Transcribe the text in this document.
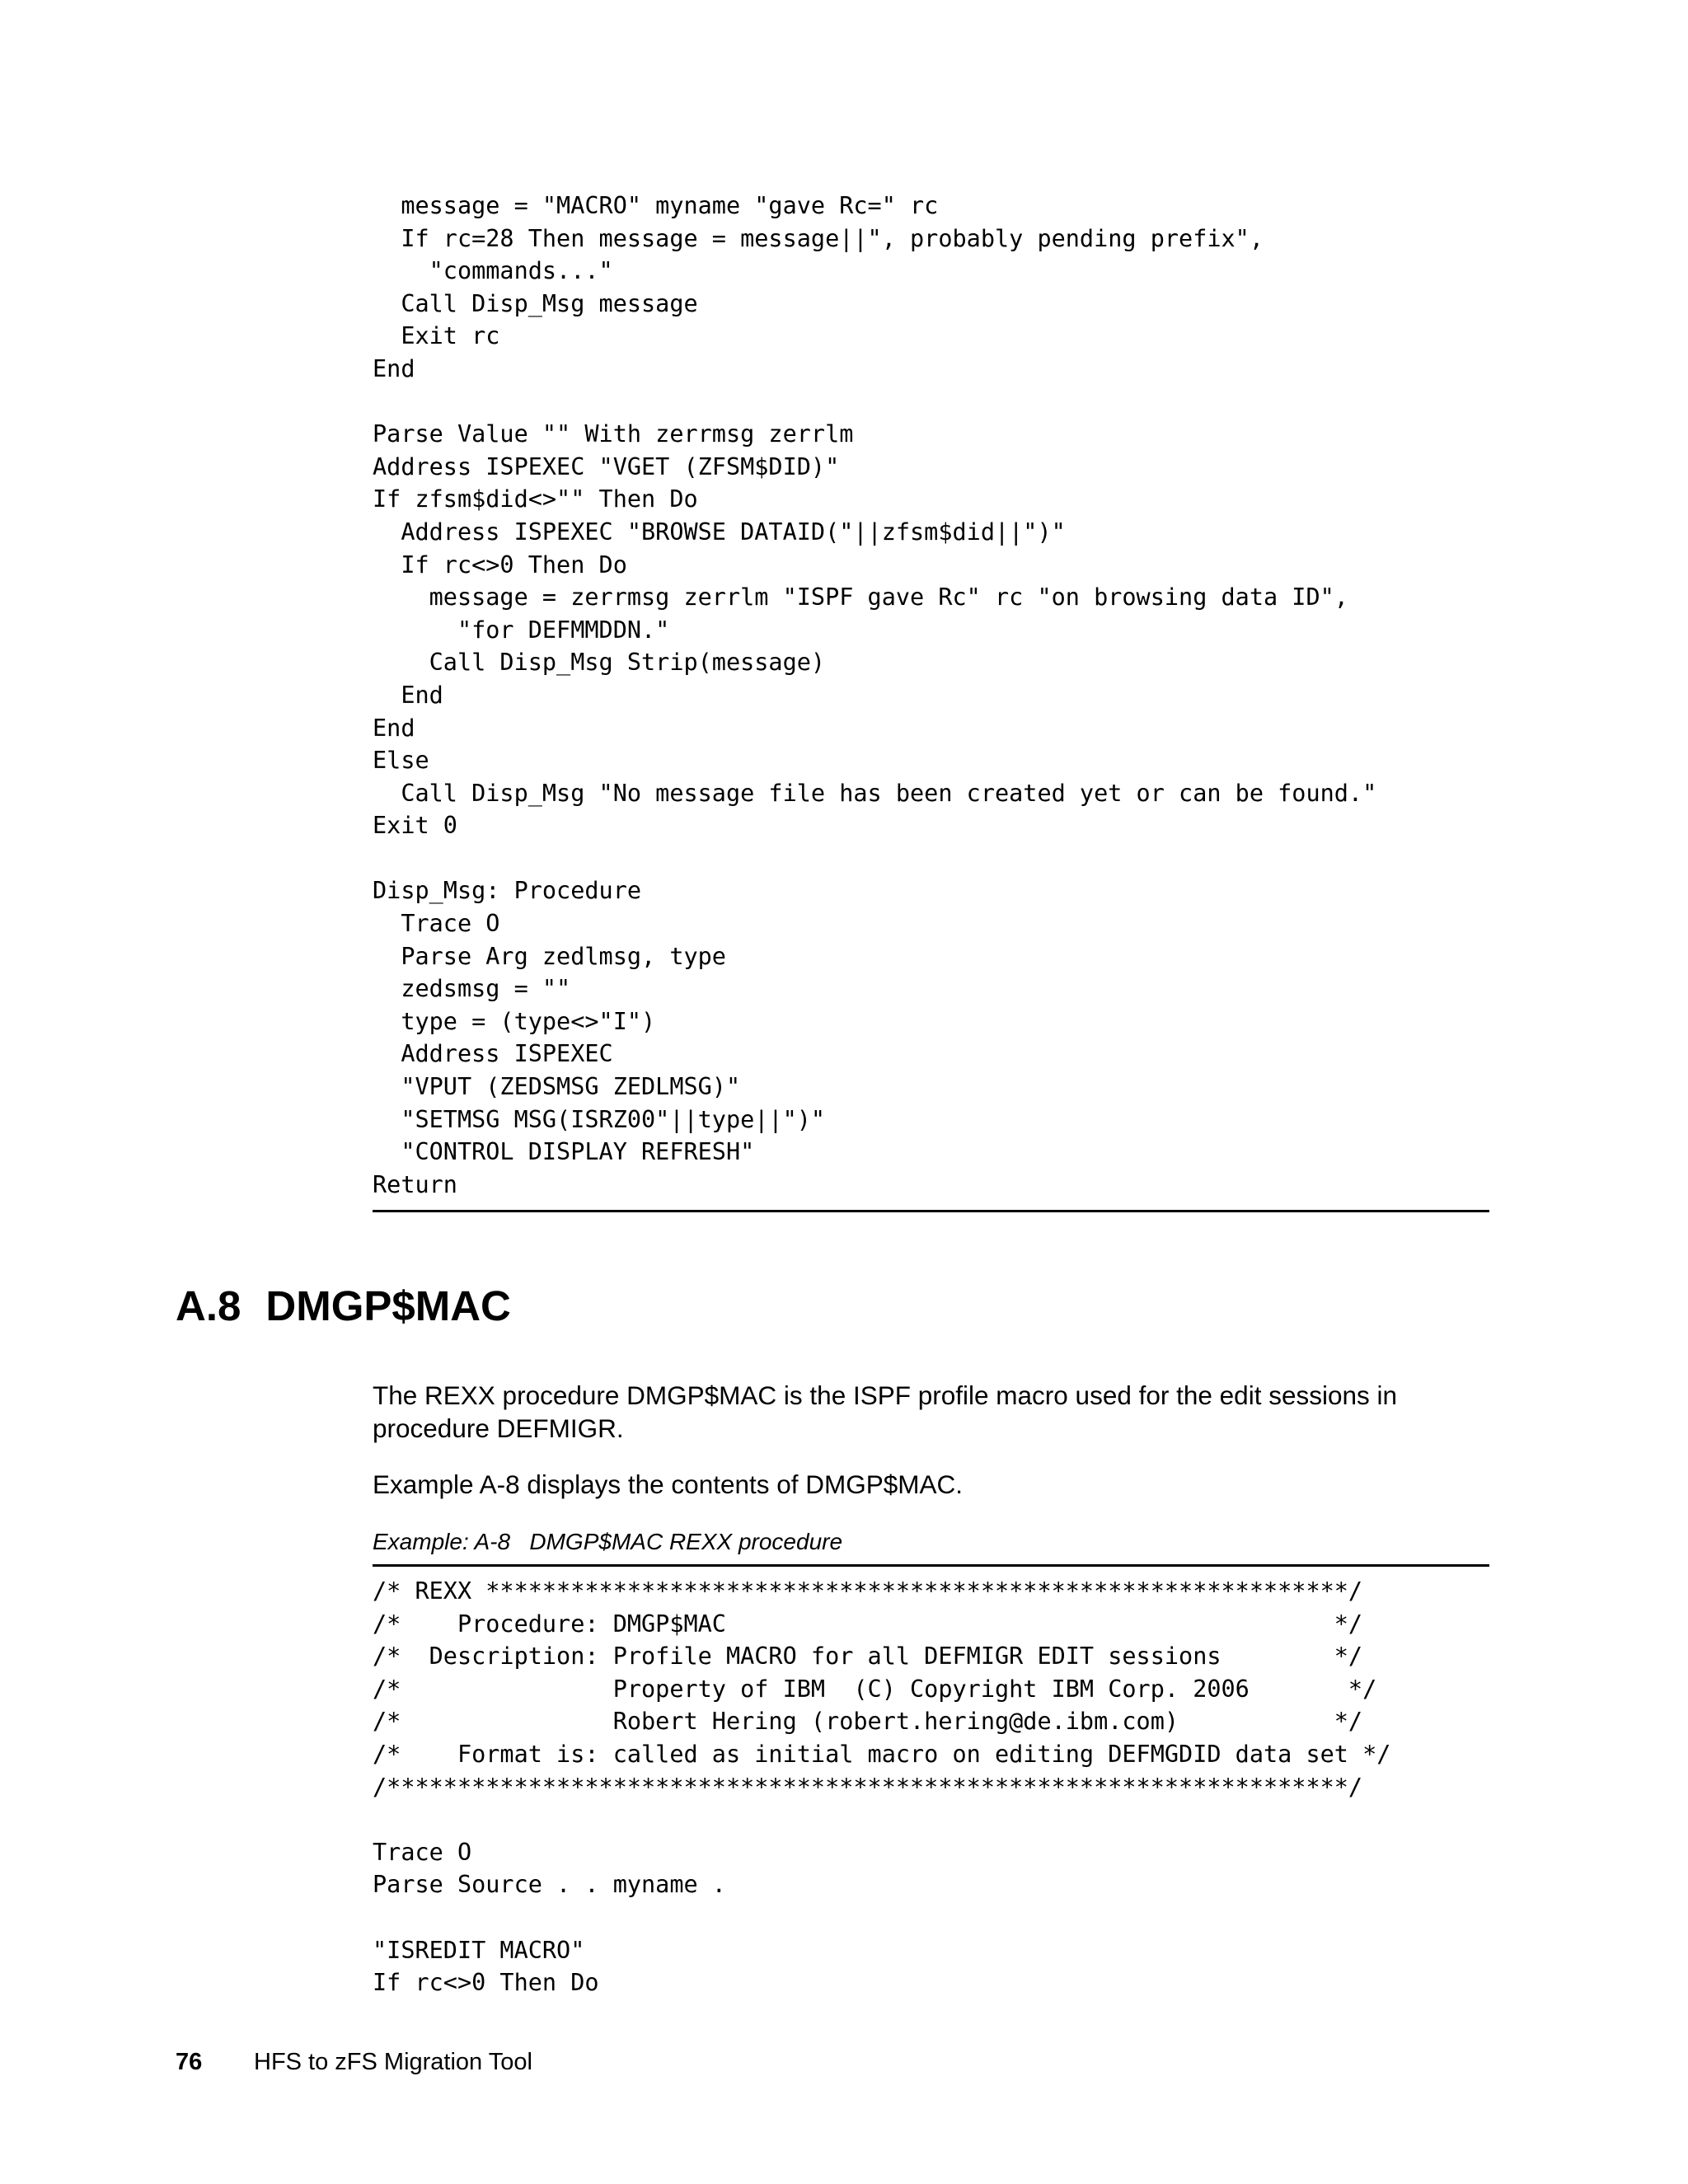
message = "MACRO" myname "gave Rc=" rc
If rc=28 Then message = message||", probably pending prefix",
"commands..."
Call Disp_Msg message
Exit rc
End

Parse Value "" With zerrmsg zerrlm
Address ISPEXEC "VGET (ZFSM$DID)"
If zfsm$did<>"" Then Do
Address ISPEXEC "BROWSE DATAID("||zfsm$did||")"
If rc<>0 Then Do
message = zerrmsg zerrlm "ISPF gave Rc" rc "on browsing data ID",
"for DEFMMDDN."
Call Disp_Msg Strip(message)
End
End
Else
Call Disp_Msg "No message file has been created yet or can be found."
Exit 0

Disp_Msg: Procedure
Trace O
Parse Arg zedlmsg, type
zedsmsg = ""
type = (type<>"I")
Address ISPEXEC
"VPUT (ZEDSMSG ZEDLMSG)"
"SETMSG MSG(ISRZ00"||type||")"
"CONTROL DISPLAY REFRESH"
Return
A.8 DMGP$MAC

The REXX procedure DMGP$MAC is the ISPF profile macro used for the edit sessions in procedure DEFMIGR.

Example A-8 displays the contents of DMGP$MAC.

Example: A-8   DMGP$MAC REXX procedure

/* REXX *************************************************************/
/*    Procedure: DMGP$MAC                                           */
/*  Description: Profile MACRO for all DEFMIGR EDIT sessions        */
/*               Property of IBM  (C) Copyright IBM Corp. 2006       */
/*               Robert Hering (robert.hering@de.ibm.com)           */
/*    Format is: called as initial macro on editing DEFMGDID data set */
/********************************************************************/

Trace O
Parse Source . . myname .

"ISREDIT MACRO"
If rc<>0 Then Do
76 HFS to zFS Migration Tool
